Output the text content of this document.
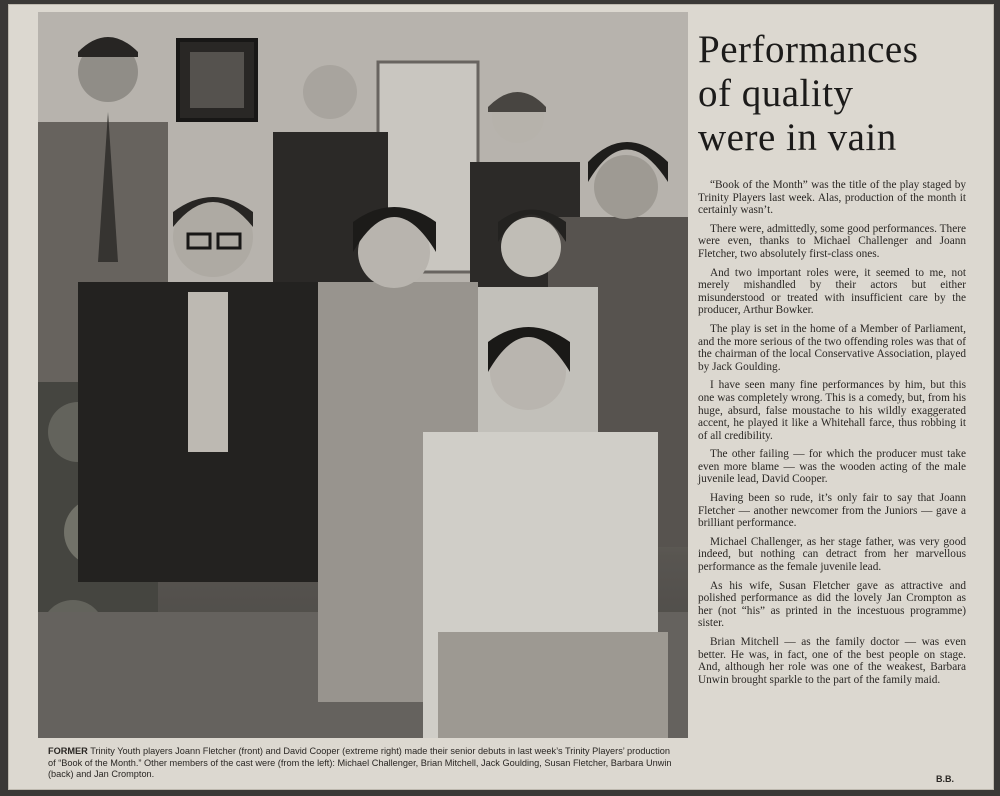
FORMER Trinity Youth players Joann Fletcher (front) and David Cooper (extreme right) made their senior debuts in last week’s Trinity Players’ production of “Book of the Month.” Other members of the cast were (from the left): Michael Challenger, Brian Mitchell, Jack Goulding, Susan Fletcher, Barbara Unwin (back) and Jan Crompton.
Performances
of quality
were in vain

“Book of the Month” was the title of the play staged by Trinity Players last week. Alas, production of the month it certainly wasn’t.

There were, admittedly, some good performances. There were even, thanks to Michael Challenger and Joann Fletcher, two absolutely first-class ones.

And two important roles were, it seemed to me, not merely mishandled by their actors but either misunderstood or treated with insufficient care by the producer, Arthur Bowker.

The play is set in the home of a Member of Parliament, and the more serious of the two offending roles was that of the chairman of the local Conservative Association, played by Jack Goulding.

I have seen many fine performances by him, but this one was completely wrong. This is a comedy, but, from his huge, absurd, false moustache to his wildly exaggerated accent, he played it like a Whitehall farce, thus robbing it of all credibility.

The other failing — for which the producer must take even more blame — was the wooden acting of the male juvenile lead, David Cooper.

Having been so rude, it’s only fair to say that Joann Fletcher — another newcomer from the Juniors — gave a brilliant performance.

Michael Challenger, as her stage father, was very good indeed, but nothing can detract from her marvellous performance as the female juvenile lead.

As his wife, Susan Fletcher gave as attractive and polished performance as did the lovely Jan Crompton as her (not “his” as printed in the incestuous programme) sister.

Brian Mitchell — as the family doctor — was even better. He was, in fact, one of the best people on stage. And, although her role was one of the weakest, Barbara Unwin brought sparkle to the part of the family maid.

B.B.
